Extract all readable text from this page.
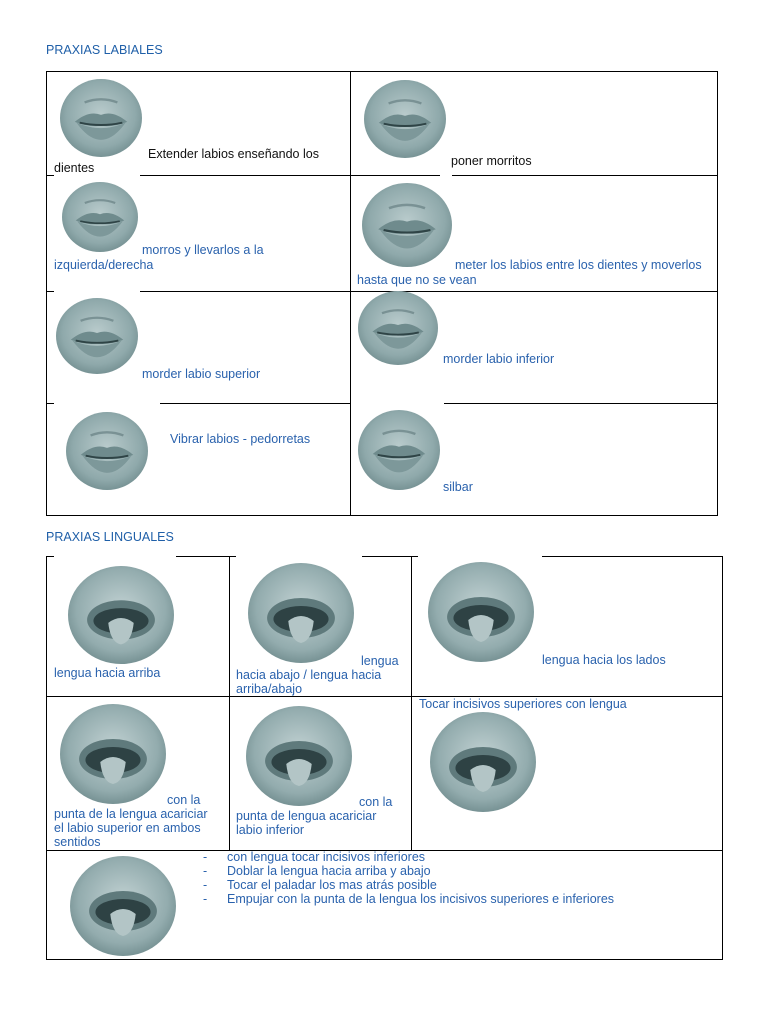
PRAXIAS LABIALES
Extender labios enseñando los
dientes	poner morritos
morros y llevarlos a la
izquierda/derecha	meter los labios entre los dientes y moverlos
hasta que no se vean
morder labio superior
morder labio inferior
Vibrar labios - pedorretas
silbar
PRAXIAS LINGUALES
lengua hacia arriba
lengua
hacia abajo / lengua hacia
arriba/abajo
lengua hacia los lados
con la
punta de la lengua acariciar
el labio superior en ambos
sentidos
con la
punta de lengua acariciar
labio inferior
Tocar incisivos superiores con lengua
- con lengua tocar incisivos inferiores
- Doblar la lengua hacia arriba y abajo
- Tocar el paladar los mas atrás posible
- Empujar con la punta de la lengua los incisivos superiores e inferiores
